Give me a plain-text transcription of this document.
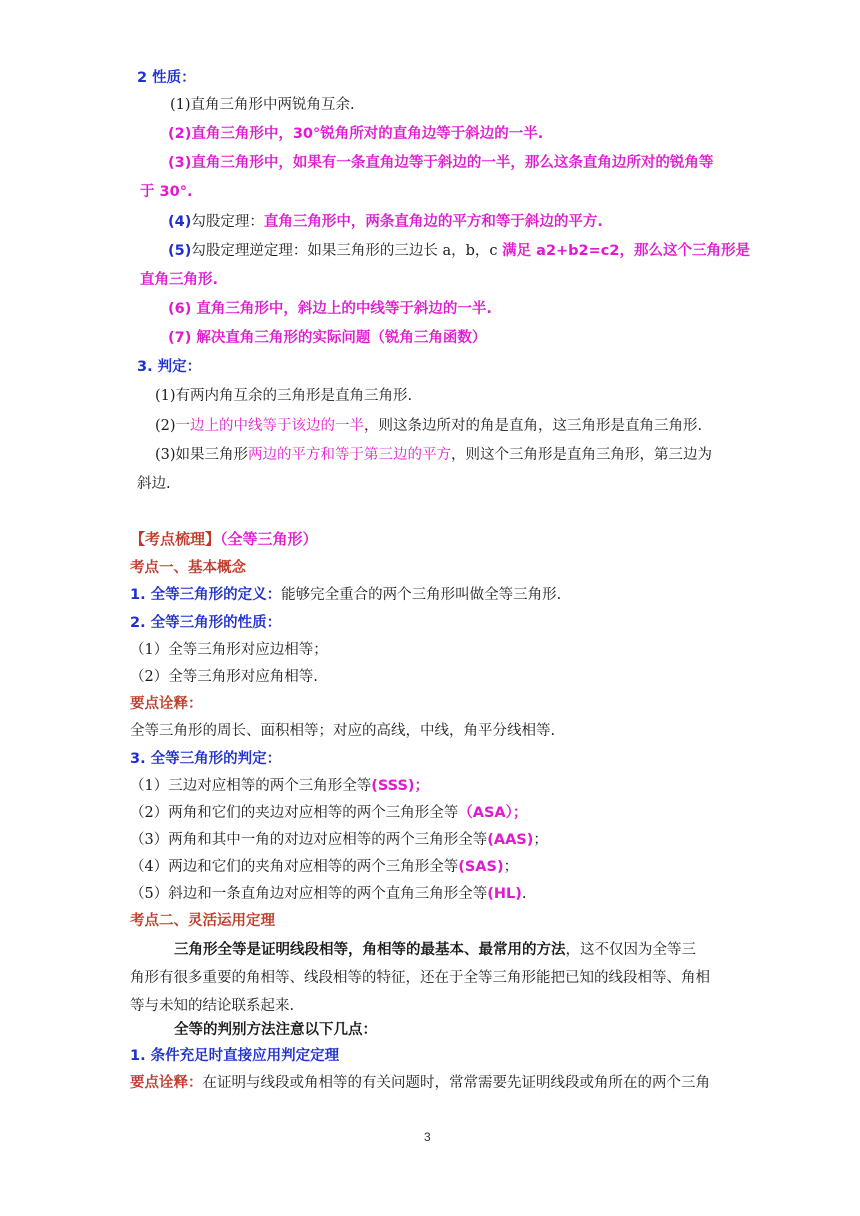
2 性质：
(1)直角三角形中两锐角互余.
(2)直角三角形中，30°锐角所对的直角边等于斜边的一半.
(3)直角三角形中，如果有一条直角边等于斜边的一半，那么这条直角边所对的锐角等
于 30°.
(4)勾股定理：直角三角形中，两条直角边的平方和等于斜边的平方.
(5)勾股定理逆定理：如果三角形的三边长 a，b，c 满足 a2+b2=c2，那么这个三角形是
直角三角形.
(6) 直角三角形中，斜边上的中线等于斜边的一半.
(7) 解决直角三角形的实际问题（锐角三角函数）
3. 判定：
(1)有两内角互余的三角形是直角三角形.
(2)一边上的中线等于该边的一半，则这条边所对的角是直角，这三角形是直角三角形.
(3)如果三角形两边的平方和等于第三边的平方，则这个三角形是直角三角形，第三边为
斜边.
【考点梳理】（全等三角形）
考点一、基本概念
1. 全等三角形的定义：能够完全重合的两个三角形叫做全等三角形.
2. 全等三角形的性质：
（1）全等三角形对应边相等；
（2）全等三角形对应角相等.
要点诠释：
全等三角形的周长、面积相等；对应的高线，中线，角平分线相等.
3. 全等三角形的判定：
（1）三边对应相等的两个三角形全等(SSS)；
（2）两角和它们的夹边对应相等的两个三角形全等（ASA）；
（3）两角和其中一角的对边对应相等的两个三角形全等(AAS)；
（4）两边和它们的夹角对应相等的两个三角形全等(SAS)；
（5）斜边和一条直角边对应相等的两个直角三角形全等(HL).
考点二、灵活运用定理
三角形全等是证明线段相等，角相等的最基本、最常用的方法，这不仅因为全等三
角形有很多重要的角相等、线段相等的特征，还在于全等三角形能把已知的线段相等、角相
等与未知的结论联系起来.
全等的判别方法注意以下几点：
1. 条件充足时直接应用判定定理
要点诠释：在证明与线段或角相等的有关问题时，常常需要先证明线段或角所在的两个三角
3
